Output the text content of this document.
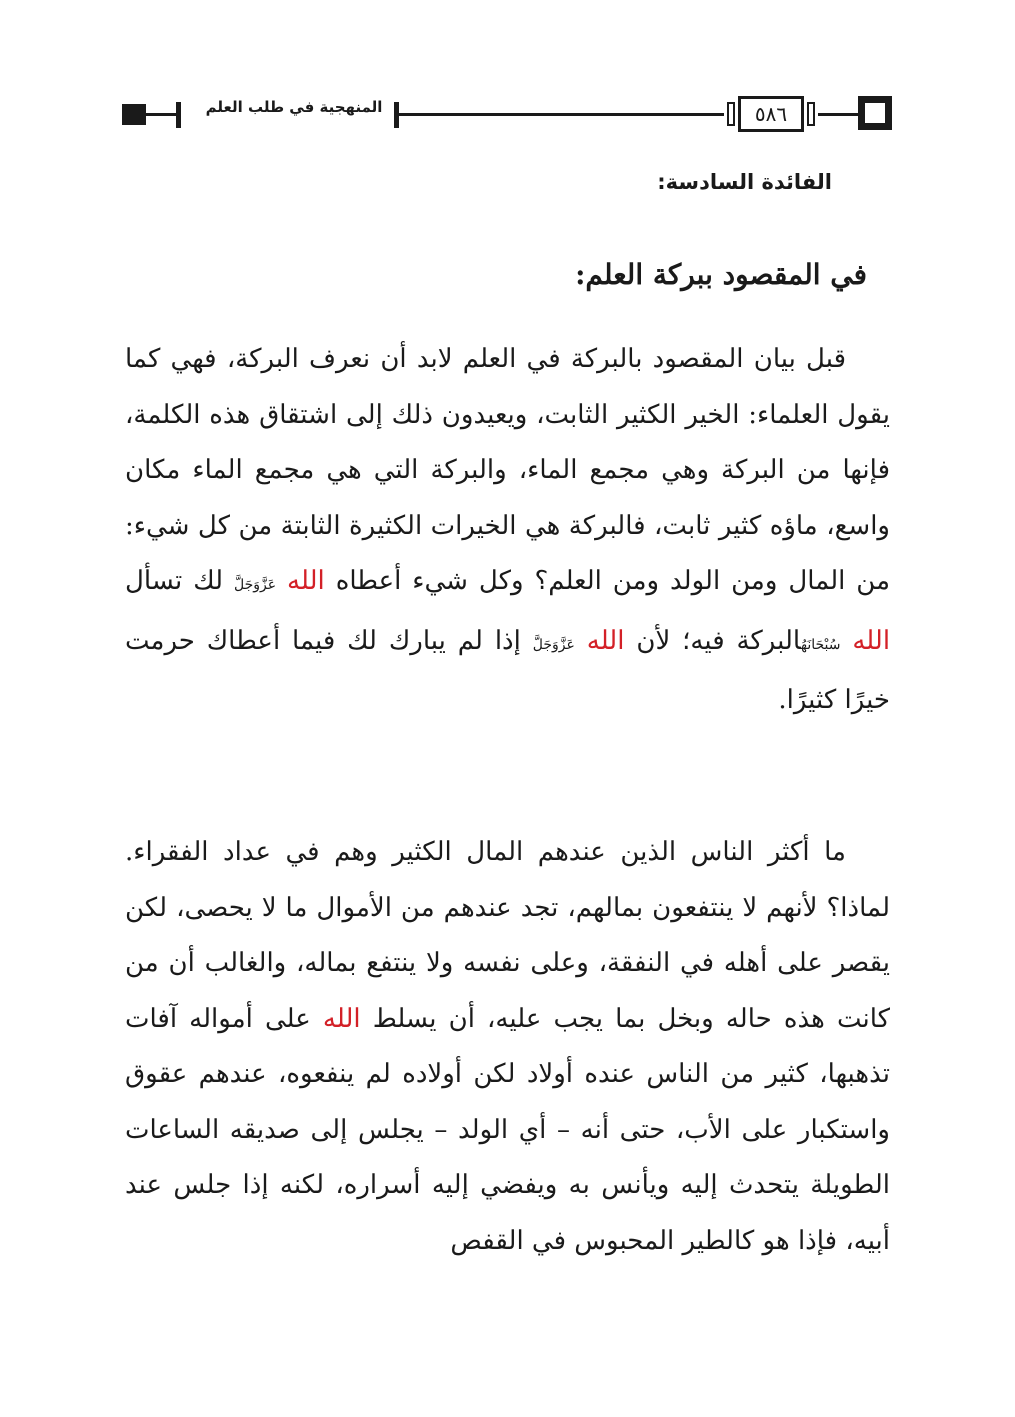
المنهجية في طلب العلم	٥٨٦

الفائدة السادسة:

في المقصود ببركة العلم:

قبل بيان المقصود بالبركة في العلم لابد أن نعرف البركة، فهي كما يقول العلماء: الخير الكثير الثابت، ويعيدون ذلك إلى اشتقاق هذه الكلمة، فإنها من البركة وهي مجمع الماء، والبركة التي هي مجمع الماء مكان واسع، ماؤه كثير ثابت، فالبركة هي الخيرات الكثيرة الثابتة من كل شيء: من المال ومن الولد ومن العلم؟ وكل شيء أعطاه الله عَزَّوَجَلَّ لك تسأل الله سُبْحَانَهُالبركة فيه؛ لأن الله عَزَّوَجَلَّ إذا لم يبارك لك فيما أعطاك حرمت خيرًا كثيرًا.

ما أكثر الناس الذين عندهم المال الكثير وهم في عداد الفقراء. لماذا؟ لأنهم لا ينتفعون بمالهم، تجد عندهم من الأموال ما لا يحصى، لكن يقصر على أهله في النفقة، وعلى نفسه ولا ينتفع بماله، والغالب أن من كانت هذه حاله وبخل بما يجب عليه، أن يسلط الله على أمواله آفات تذهبها، كثير من الناس عنده أولاد لكن أولاده لم ينفعوه، عندهم عقوق واستكبار على الأب، حتى أنه – أي الولد – يجلس إلى صديقه الساعات الطويلة يتحدث إليه ويأنس به ويفضي إليه أسراره، لكنه إذا جلس عند أبيه، فإذا هو كالطير المحبوس في القفص
